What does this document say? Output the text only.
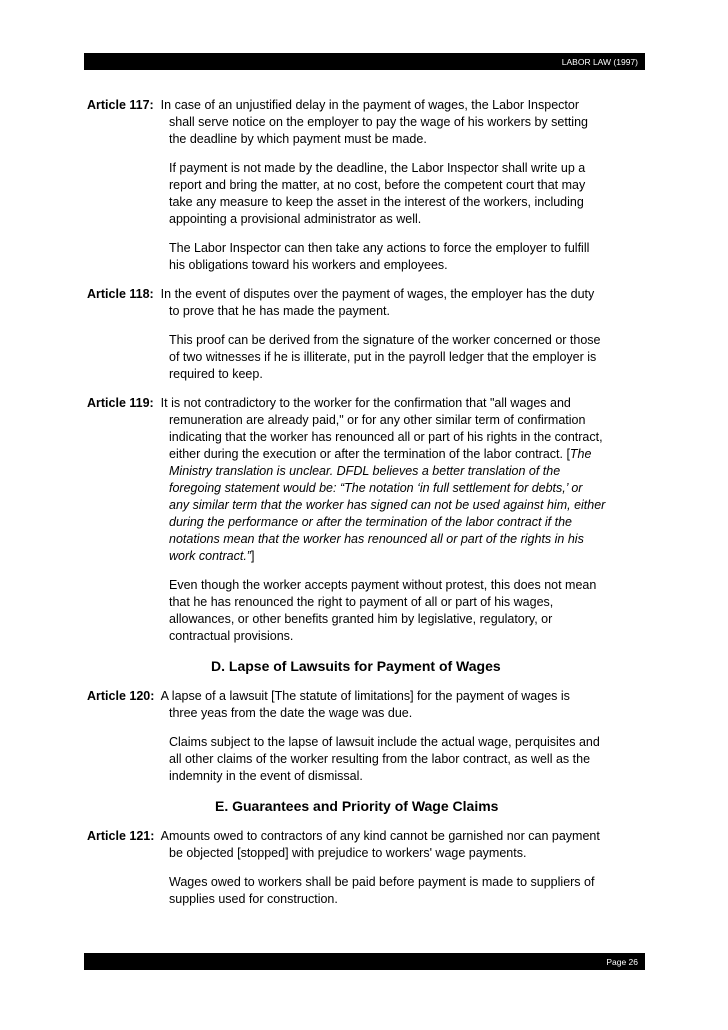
LABOR LAW (1997)
Article 117: In case of an unjustified delay in the payment of wages, the Labor Inspector
shall serve notice on the employer to pay the wage of his workers by setting
the deadline by which payment must be made.
If payment is not made by the deadline, the Labor Inspector shall write up a
report and bring the matter, at no cost, before the competent court that may
take any measure to keep the asset in the interest of the workers, including
appointing a provisional administrator as well.
The Labor Inspector can then take any actions to force the employer to fulfill
his obligations toward his workers and employees.
Article 118: In the event of disputes over the payment of wages, the employer has the duty
to prove that he has made the payment.
This proof can be derived from the signature of the worker concerned or those
of two witnesses if he is illiterate, put in the payroll ledger that the employer is
required to keep.
Article 119: It is not contradictory to the worker for the confirmation that "all wages and
remuneration are already paid," or for any other similar term of confirmation
indicating that the worker has renounced all or part of his rights in the contract,
either during the execution or after the termination of the labor contract. [The
Ministry translation is unclear. DFDL believes a better translation of the
foregoing statement would be: “The notation ‘in full settlement for debts,’ or
any similar term that the worker has signed can not be used against him, either
during the performance or after the termination of the labor contract if the
notations mean that the worker has renounced all or part of the rights in his
work contract.”]
Even though the worker accepts payment without protest, this does not mean
that he has renounced the right to payment of all or part of his wages,
allowances, or other benefits granted him by legislative, regulatory, or
contractual provisions.
D. Lapse of Lawsuits for Payment of Wages
Article 120: A lapse of a lawsuit [The statute of limitations] for the payment of wages is
three yeas from the date the wage was due.
Claims subject to the lapse of lawsuit include the actual wage, perquisites and
all other claims of the worker resulting from the labor contract, as well as the
indemnity in the event of dismissal.
E. Guarantees and Priority of Wage Claims
Article 121: Amounts owed to contractors of any kind cannot be garnished nor can payment
be objected [stopped] with prejudice to workers' wage payments.
Wages owed to workers shall be paid before payment is made to suppliers of
supplies used for construction.
Page 26
